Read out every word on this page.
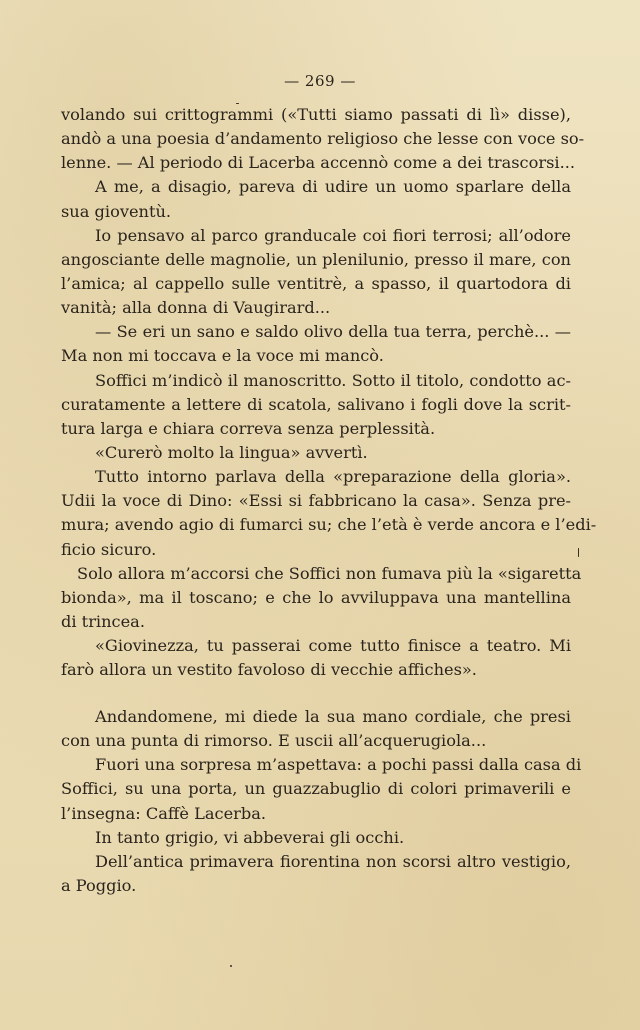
— 269 —
volando sui crittogrammi («Tutti siamo passati di lì» disse),
andò a una poesia d’andamento religioso che lesse con voce so-
lenne. — Al periodo di Lacerba accennò come a dei trascorsi...
A me, a disagio, pareva di udire un uomo sparlare della
sua gioventù.
Io pensavo al parco granducale coi fiori terrosi; all’odore
angosciante delle magnolie, un plenilunio, presso il mare, con
l’amica; al cappello sulle ventitrè, a spasso, il quartodora di
vanità; alla donna di Vaugirard...
— Se eri un sano e saldo olivo della tua terra, perchè... —
Ma non mi toccava e la voce mi mancò.
Soffici m’indicò il manoscritto. Sotto il titolo, condotto ac-
curatamente a lettere di scatola, salivano i fogli dove la scrit-
tura larga e chiara correva senza perplessità.
«Curerò molto la lingua» avvertì.
Tutto intorno parlava della «preparazione della gloria».
Udii la voce di Dino: «Essi si fabbricano la casa». Senza pre-
mura; avendo agio di fumarci su; che l’età è verde ancora e l’edi-
ficio sicuro.
Solo allora m’accorsi che Soffici non fumava più la «sigaretta
bionda», ma il toscano; e che lo avviluppava una mantellina
di trincea.
«Giovinezza, tu passerai come tutto finisce a teatro. Mi
farò allora un vestito favoloso di vecchie affiches».
Andandomene, mi diede la sua mano cordiale, che presi
con una punta di rimorso. E uscii all’acquerugiola...
Fuori una sorpresa m’aspettava: a pochi passi dalla casa di
Soffici, su una porta, un guazzabuglio di colori primaverili e
l’insegna: Caffè Lacerba.
In tanto grigio, vi abbeverai gli occhi.
Dell’antica primavera fiorentina non scorsi altro vestigio,
a Poggio.
